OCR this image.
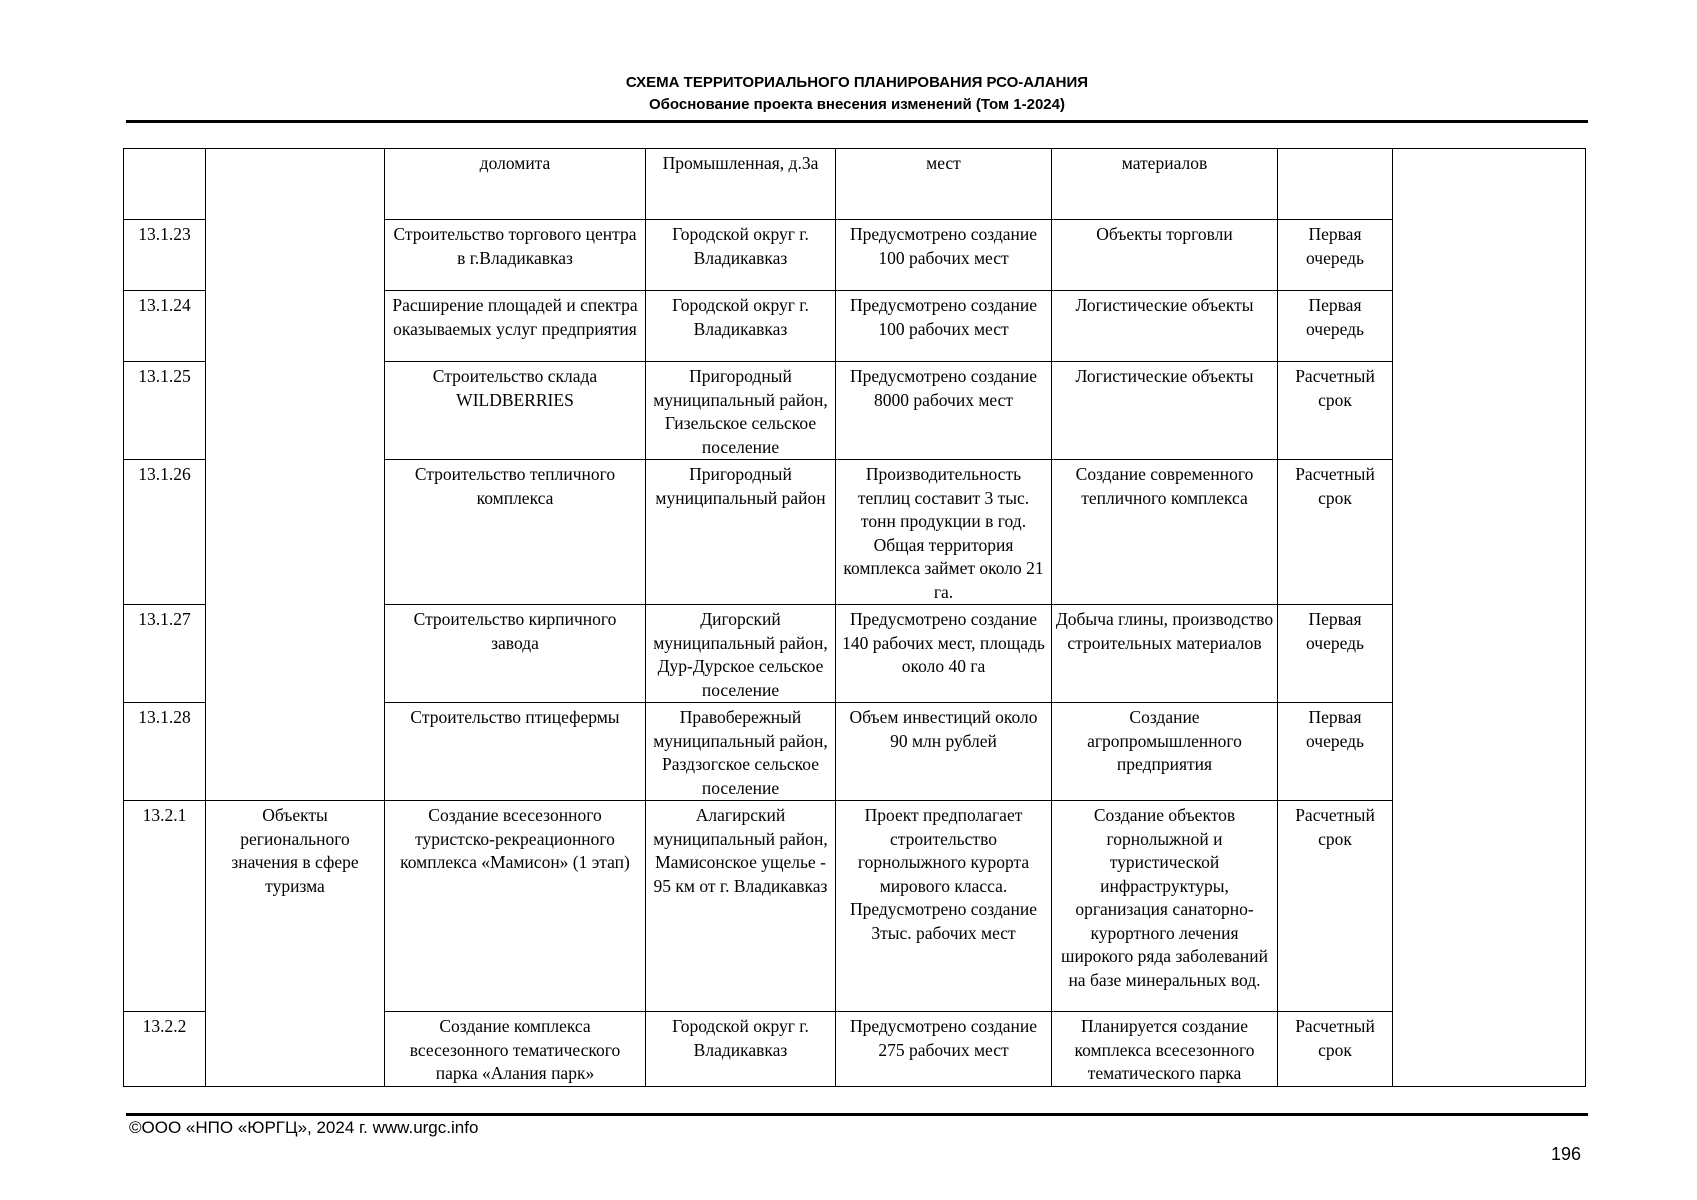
СХЕМА ТЕРРИТОРИАЛЬНОГО ПЛАНИРОВАНИЯ РСО-АЛАНИЯ
Обоснование проекта внесения изменений (Том 1-2024)
		доломита	Промышленная, д.3а	мест	материалов		
13.1.23		Строительство торгового центра в г.Владикавказ	Городской округ г. Владикавказ	Предусмотрено создание 100 рабочих мест	Объекты торговли	Первая очередь	
13.1.24		Расширение площадей и спектра оказываемых услуг предприятия	Городской округ г. Владикавказ	Предусмотрено создание 100 рабочих мест	Логистические объекты	Первая очередь	
13.1.25		Строительство склада WILDBERRIES	Пригородный муниципальный район, Гизельское сельское поселение	Предусмотрено создание 8000 рабочих мест	Логистические объекты	Расчетный срок	
13.1.26		Строительство тепличного комплекса	Пригородный муниципальный район	Производительность теплиц составит 3 тыс. тонн продукции в год. Общая территория комплекса займет около 21 га.	Создание современного тепличного комплекса	Расчетный срок	
13.1.27		Строительство кирпичного завода	Дигорский муниципальный район, Дур-Дурское сельское поселение	Предусмотрено создание 140 рабочих мест, площадь около 40 га	Добыча глины, производство строительных материалов	Первая очередь	
13.1.28		Строительство птицефермы	Правобережный муниципальный район, Раздзогское сельское поселение	Объем инвестиций около 90 млн рублей	Создание агропромышленного предприятия	Первая очередь	
13.2.1	Объекты регионального значения в сфере туризма	Создание всесезонного туристско-рекреационного комплекса «Мамисон» (1 этап)	Алагирский муниципальный район, Мамисонское ущелье - 95 км от г. Владикавказ	Проект предполагает строительство горнолыжного курорта мирового класса. Предусмотрено создание 3тыс. рабочих мест	Создание объектов горнолыжной и туристической инфраструктуры, организация санаторно-курортного лечения широкого ряда заболеваний на базе минеральных вод.	Расчетный срок	
13.2.2		Создание комплекса всесезонного тематического парка «Алания парк»	Городской округ г. Владикавказ	Предусмотрено создание 275 рабочих мест	Планируется создание комплекса всесезонного тематического парка	Расчетный срок	
©ООО «НПО «ЮРГЦ», 2024 г. www.urgc.info
196
